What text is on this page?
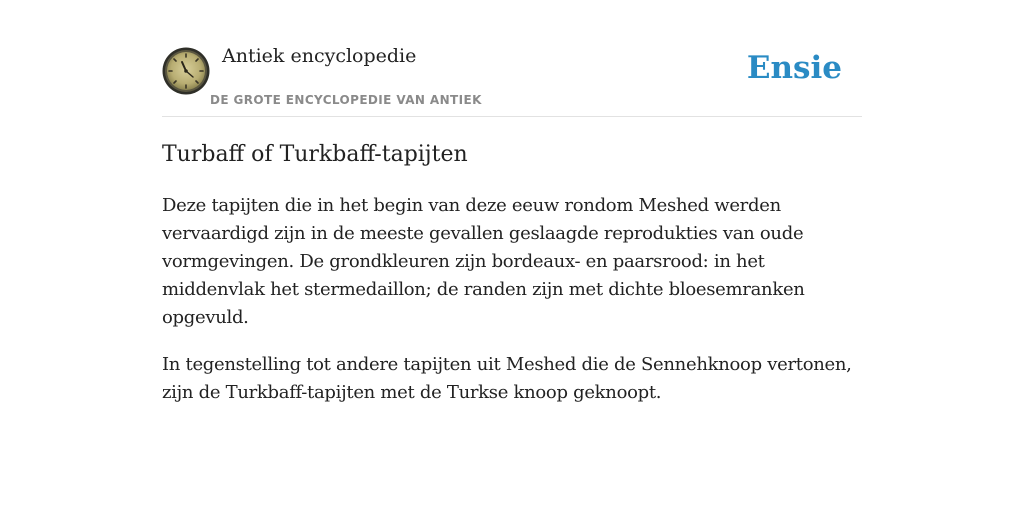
Antiek encyclopedie
DE GROTE ENCYCLOPEDIE VAN ANTIEK
Ensie
Turbaff of Turkbaff-tapijten

Deze tapijten die in het begin van deze eeuw rondom Meshed werden vervaardigd zijn in de meeste gevallen geslaagde reprodukties van oude vormgevingen. De grondkleuren zijn bordeaux- en paarsrood: in het middenvlak het stermedaillon; de randen zijn met dichte bloesemranken opgevuld.

In tegenstelling tot andere tapijten uit Meshed die de Sennehknoop vertonen, zijn de Turkbaff-tapijten met de Turkse knoop geknoopt.
